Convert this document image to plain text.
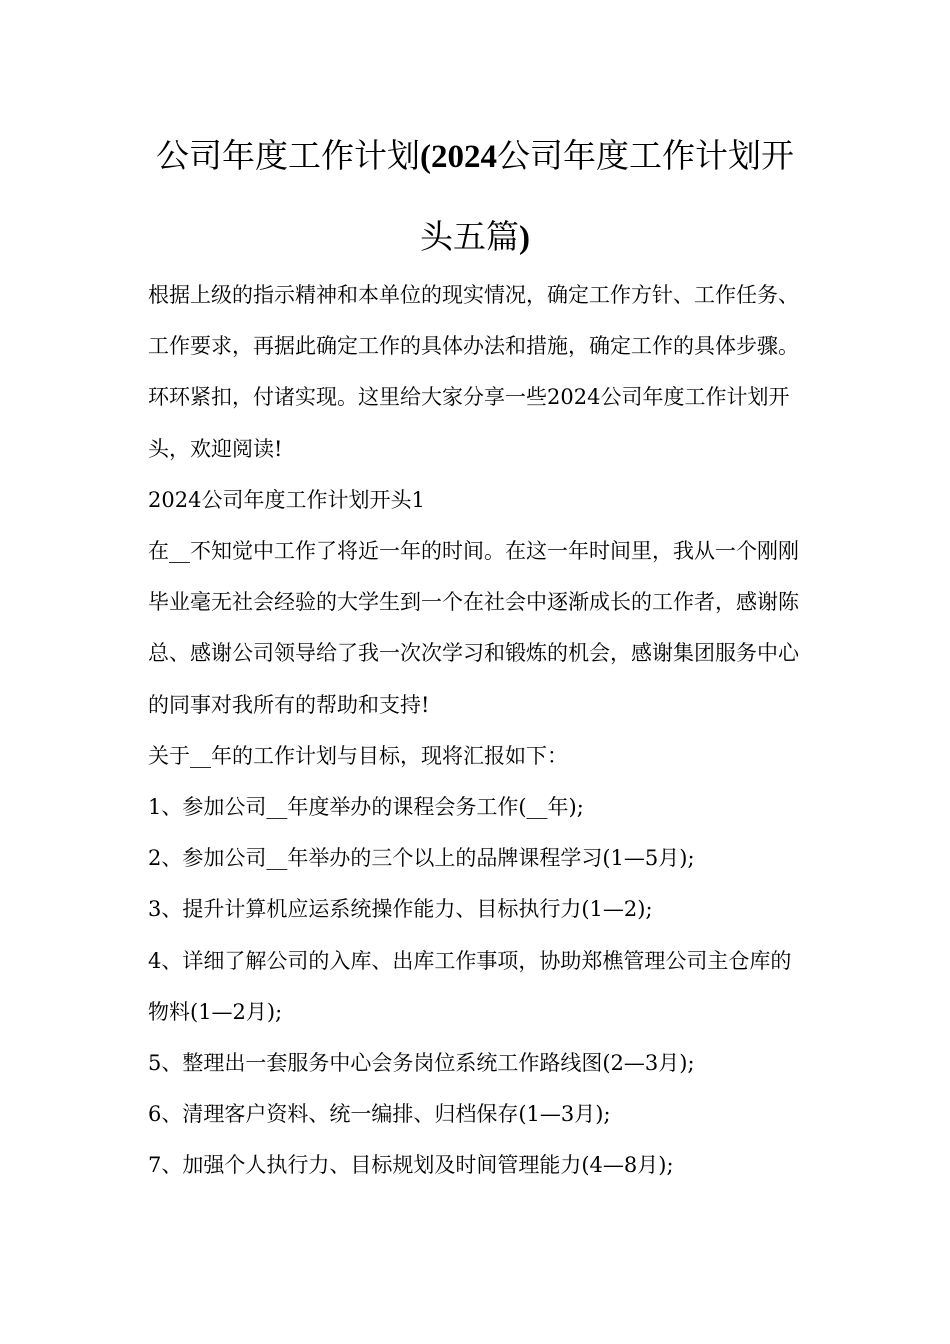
公司年度工作计划(2024公司年度工作计划开
头五篇)

根据上级的指示精神和本单位的现实情况，确定工作方针、工作任务、工作要求，再据此确定工作的具体办法和措施，确定工作的具体步骤。环环紧扣，付诸实现。这里给大家分享一些2024公司年度工作计划开头，欢迎阅读!

2024公司年度工作计划开头1

在__不知觉中工作了将近一年的时间。在这一年时间里，我从一个刚刚毕业毫无社会经验的大学生到一个在社会中逐渐成长的工作者，感谢陈总、感谢公司领导给了我一次次学习和锻炼的机会，感谢集团服务中心的同事对我所有的帮助和支持!

关于__年的工作计划与目标，现将汇报如下：

1、参加公司__年度举办的课程会务工作(__年);

2、参加公司__年举办的三个以上的品牌课程学习(1—5月);

3、提升计算机应运系统操作能力、目标执行力(1—2);

4、详细了解公司的入库、出库工作事项，协助郑樵管理公司主仓库的物料(1—2月);

5、整理出一套服务中心会务岗位系统工作路线图(2—3月);

6、清理客户资料、统一编排、归档保存(1—3月);

7、加强个人执行力、目标规划及时间管理能力(4—8月);
